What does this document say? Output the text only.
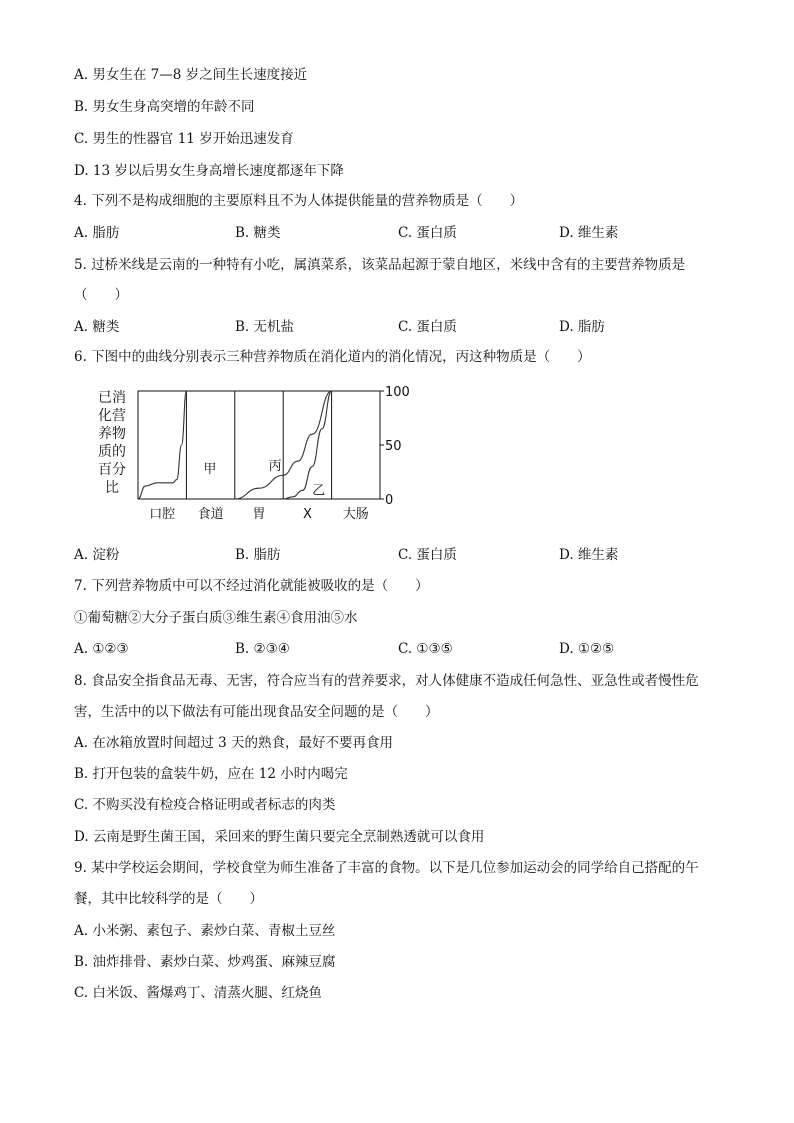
A. 男女生在 7—8 岁之间生长速度接近
B. 男女生身高突增的年龄不同
C. 男生的性器官 11 岁开始迅速发育
D. 13 岁以后男女生身高增长速度都逐年下降
4. 下列不是构成细胞的主要原料且不为人体提供能量的营养物质是（　　）
A. 脂肪	B. 糖类	C. 蛋白质	D. 维生素
5. 过桥米线是云南的一种特有小吃，属滇菜系，该菜品起源于蒙自地区，米线中含有的主要营养物质是
（　　）
A. 糖类	B. 无机盐	C. 蛋白质	D. 脂肪
6. 下图中的曲线分别表示三种营养物质在消化道内的消化情况，丙这种物质是（　　）
已消
化营
养物
质的
百分
比
100
50
0
口腔 食道 胃	X 大肠
甲	丙
乙
A. 淀粉	B. 脂肪	C. 蛋白质	D. 维生素
7. 下列营养物质中可以不经过消化就能被吸收的是（　　）
①葡萄糖②大分子蛋白质③维生素④食用油⑤水
A. ①②③	B. ②③④	C. ①③⑤	D. ①②⑤
8. 食品安全指食品无毒、无害，符合应当有的营养要求，对人体健康不造成任何急性、亚急性或者慢性危
害，生活中的以下做法有可能出现食品安全问题的是（　　）
A. 在冰箱放置时间超过 3 天的熟食，最好不要再食用
B. 打开包装的盒装牛奶，应在 12 小时内喝完
C. 不购买没有检疫合格证明或者标志的肉类
D. 云南是野生菌王国，采回来的野生菌只要完全烹制熟透就可以食用
9. 某中学校运会期间，学校食堂为师生准备了丰富的食物。以下是几位参加运动会的同学给自己搭配的午
餐，其中比较科学的是（　　）
A. 小米粥、素包子、素炒白菜、青椒土豆丝
B. 油炸排骨、素炒白菜、炒鸡蛋、麻辣豆腐
C. 白米饭、酱爆鸡丁、清蒸火腿、红烧鱼
